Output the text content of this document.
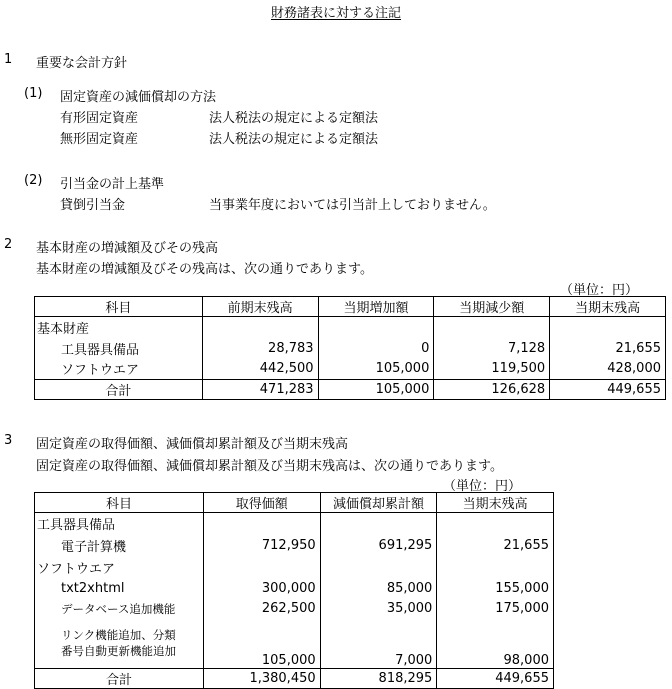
財務諸表に対する注記
1 重要な会計方針
(1) 固定資産の減価償却の方法
有形固定資産	法人税法の規定による定額法
無形固定資産	法人税法の規定による定額法
(2) 引当金の計上基準
貸倒引当金	当事業年度においては引当計上しておりません。
2 基本財産の増減額及びその残高
基本財産の増減額及びその残高は、次の通りであります。
（単位：円）
科目	前期末残高	当期増加額	当期減少額	当期末残高
基本財産				
工具器具備品	28,783	0	7,128	21,655
ソフトウエア	442,500	105,000	119,500	428,000
合計	471,283	105,000	126,628	449,655
3 固定資産の取得価額、減価償却累計額及び当期末残高
固定資産の取得価額、減価償却累計額及び当期末残高は、次の通りであります。
（単位：円）
科目	取得価額	減価償却累計額	当期末残高
工具器具備品			
電子計算機	712,950	691,295	21,655
ソフトウエア			
txt2xhtml	300,000	85,000	155,000
データベース追加機能	262,500	35,000	175,000

リンク機能追加、分類
番号自動更新機能追加	105,000	7,000	98,000
合計	1,380,450	818,295	449,655
